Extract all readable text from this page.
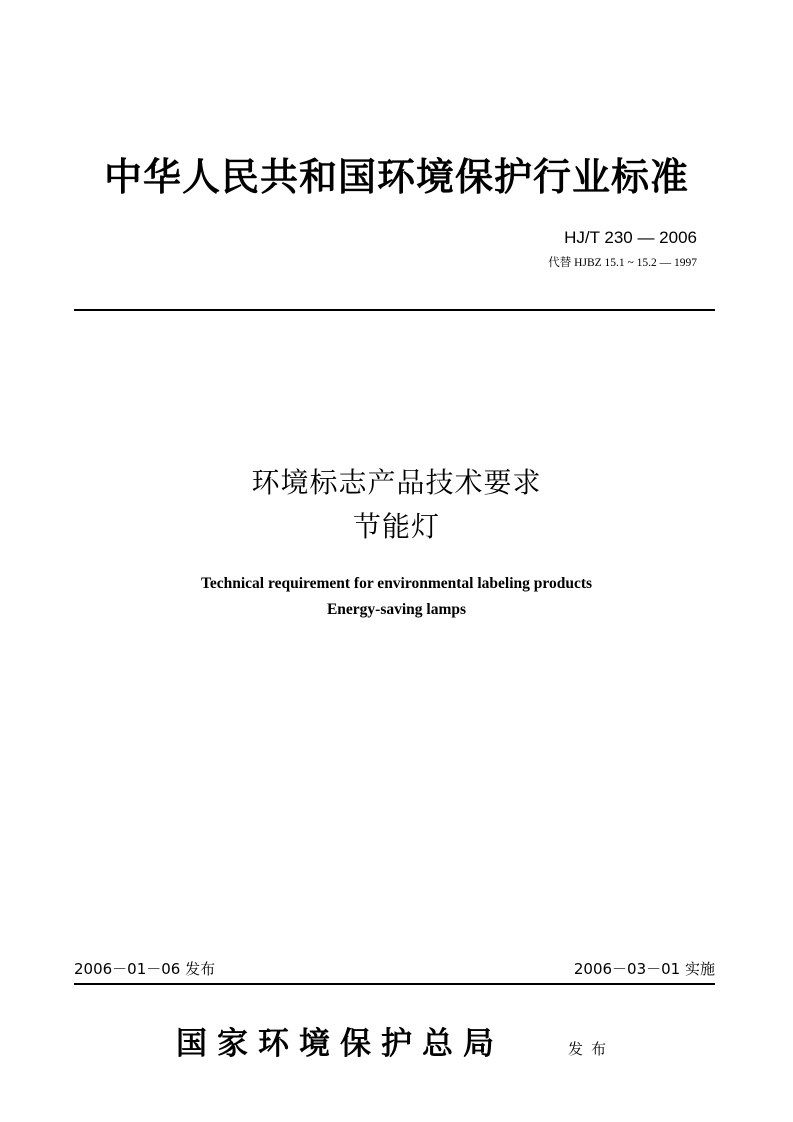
中华人民共和国环境保护行业标准
HJ/T 230 — 2006
代替 HJBZ 15.1 ~ 15.2 — 1997
环境标志产品技术要求
节能灯
Technical requirement for environmental labeling products
Energy-saving lamps
2006－01－06 发布	2006－03－01 实施
国家环境保护总局	发布
